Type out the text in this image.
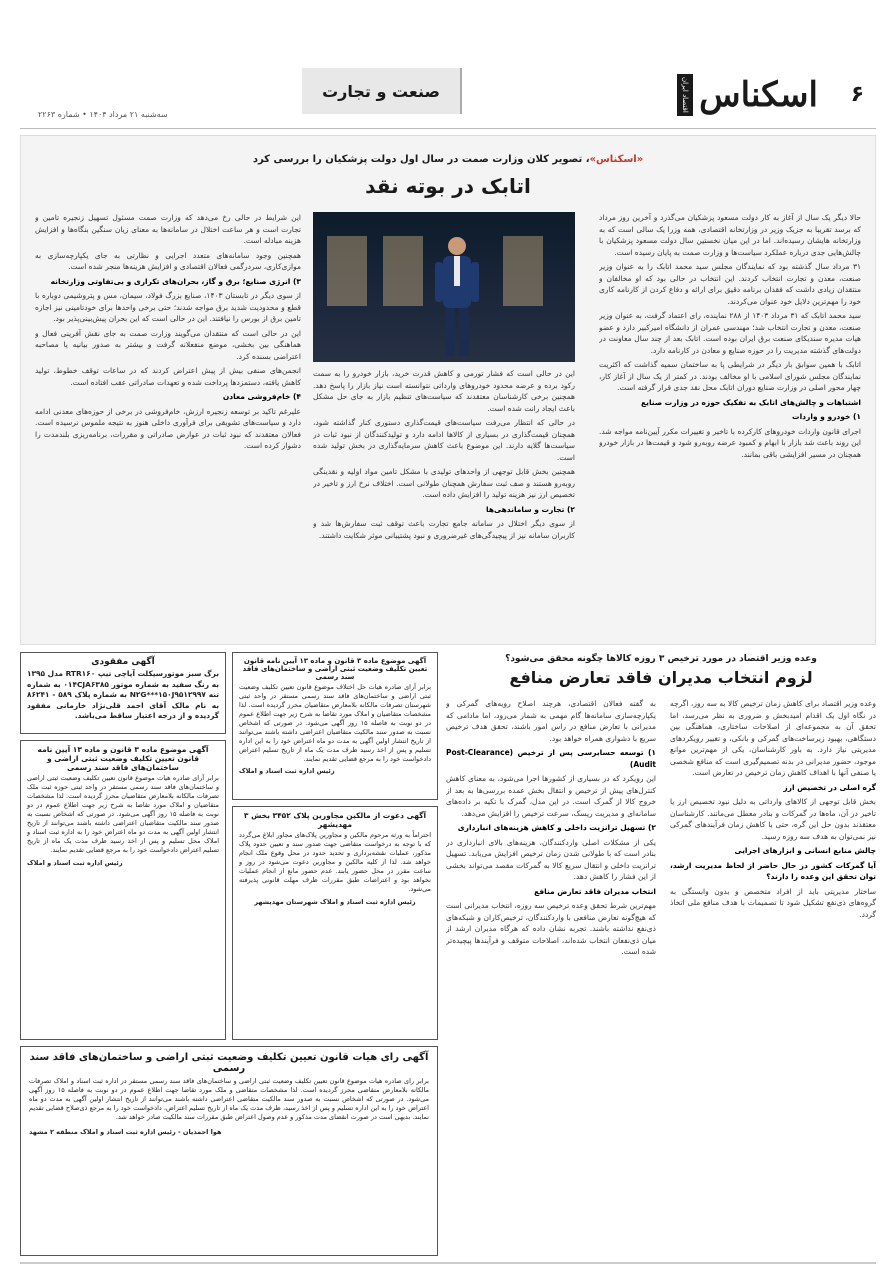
۶
اسکناس
اقتصاد ایران
صنعت و تجارت
سه‌شنبه ۲۱ مرداد ۱۴۰۴ • شماره ۲۲۶۳
«اسکناس»، تصویر کلان وزارت صمت در سال اول دولت پزشکیان را بررسی کرد
اتابک در بوته نقد

حالا دیگر یک سال از آغاز به کار دولت مسعود پزشکیان می‌گذرد و آخرین روز مرداد که برسد تقریبا به جزیک وزیر در وزارتخانه اقتصادی، همه وزرا یک سالی است که به وزارتخانه هایشان رسیده‌اند. اما در این میان نخستین سال دولت مسعود پزشکیان با چالش‌هایی جدی درباره عملکرد سیاست‌ها و وزارت صمت به پایان رسیده است.

۳۱ مرداد سال گذشته بود که نمایندگان مجلس سید محمد اتابک را به عنوان وزیر صنعت، معدن و تجارت انتخاب کردند. این انتخاب در حالی بود که او مخالفان و منتقدان زیادی داشت که فقدان برنامه دقیق برای ارائه و دفاع کردن از کارنامه کاری خود را مهم‌ترین دلایل خود عنوان می‌کردند.

سید محمد اتابک که ۳۱ مرداد ۱۴۰۳ از ۲۸۸ نماینده، رای اعتماد گرفت، به ‌عنوان وزیر صنعت، معدن و تجارت انتخاب شد؛ مهندسی عمران از دانشگاه امیرکبیر دارد و عضو هیات مدیره سندیکای صنعت برق ایران بوده است. اتابک بعد از چند سال معاونت در دولت‌های گذشته مدیریت را در حوزه صنایع و معادن در کارنامه دارد.

اتابک با همین سوابق بار دیگر در شرایطی پا به ساختمان سمیه گذاشت که اکثریت نمایندگان مجلس شورای اسلامی با او مخالف بودند. در کمتر از یک سال از آغاز کار، چهار محور اصلی در وزارت صنایع دوران اتابک محل نقد جدی قرار گرفته است.

اشتباهات و چالش‌های اتابک به تفکیک حوزه در وزارت صنایع

۱) خودرو و واردات

اجرای قانون واردات خودروهای کارکرده با تاخیر و تغییرات مکرر آیین‌نامه مواجه شد. این روند باعث شد بازار با ابهام و کمبود عرضه روبه‌رو شود و قیمت‌ها در بازار خودرو همچنان در مسیر افزایشی باقی بمانند.

این در حالی است که فشار تورمی و کاهش قدرت خرید، بازار خودرو را به سمت رکود برده و عرضه محدود خودروهای وارداتی نتوانسته است نیاز بازار را پاسخ دهد. همچنین برخی کارشناسان معتقدند که سیاست‌های تنظیم بازار به جای حل مشکل باعث ایجاد رانت شده است.

در حالی که انتظار می‌رفت سیاست‌های قیمت‌گذاری دستوری کنار گذاشته شود، همچنان قیمت‌گذاری در بسیاری از کالاها ادامه دارد و تولیدکنندگان از نبود ثبات در سیاست‌ها گلایه دارند. این موضوع باعث کاهش سرمایه‌گذاری در بخش تولید شده است.

همچنین بخش قابل توجهی از واحدهای تولیدی با مشکل تامین مواد اولیه و نقدینگی روبه‌رو هستند و صف ثبت سفارش همچنان طولانی است. اختلاف نرخ ارز و تاخیر در تخصیص ارز نیز هزینه تولید را افزایش داده است.

۲) تجارت و ساماندهی‌ها

از سوی دیگر اختلال در سامانه جامع تجارت باعث توقف ثبت سفارش‌ها شد و کاربران سامانه نیز از پیچیدگی‌های غیرضروری و نبود پشتیبانی موثر شکایت داشتند.

این شرایط در حالی رخ می‌دهد که وزارت صمت مسئول تسهیل زنجیره تامین و تجارت است و هر ساعت اختلال در سامانه‌ها به معنای زیان سنگین بنگاه‌ها و افزایش هزینه مبادله است.

همچنین وجود سامانه‌های متعدد اجرایی و نظارتی به جای یکپارچه‌سازی به موازی‌کاری، سردرگمی فعالان اقتصادی و افزایش هزینه‌ها منجر شده است.

۳) انرژی صنایع؛ برق و گاز، بحران‌های تکراری و بی‌تفاوتی وزارتخانه

از سوی دیگر در تابستان ۱۴۰۳، صنایع بزرگ فولاد، سیمان، مس و پتروشیمی دوباره با قطع و محدودیت شدید برق مواجه شدند؛ حتی برخی واحدها برای خودتامینی نیز اجازه تامین برق از بورس را نیافتند. این در حالی است که این بحران پیش‌بینی‌پذیر بود.

این در حالی است که منتقدان می‌گویند وزارت صمت به جای نقش آفرینی فعال و هماهنگی بین بخشی، موضع منفعلانه گرفت و بیشتر به صدور بیانیه یا مصاحبه اعتراضی بسنده کرد.

انجمن‌های صنفی بیش از پیش اعتراض کردند که در ساعات توقف خطوط، تولید کاهش یافته، دستمزدها پرداخت شده و تعهدات صادراتی عقب افتاده است.

۴) خام‌فروشی معادن

علیرغم تاکید بر توسعه زنجیره ارزش، خام‌فروشی در برخی از حوزه‌های معدنی ادامه دارد و سیاست‌های تشویقی برای فرآوری داخلی هنوز به نتیجه ملموس نرسیده است. فعالان معتقدند که نبود ثبات در عوارض صادراتی و مقررات، برنامه‌ریزی بلندمدت را دشوار کرده است.

آگهی مفقودی
برگ سبز موتورسیکلت آپاچی تیپ RTR۱۶۰ مدل ۱۳۹۵ به رنگ سفید به شماره موتور ۰۱۴CJA۶۳۸۵ به شماره تنه N۲G***۱۵۰J۹۵۱۲۹۹۷ به شماره پلاک ۵۸۹ - ۸۶۲۴۱ به نام مالک آقای احمد قلی‌نژاد خارمانی مفقود گردیده و از درجه اعتبار ساقط می‌باشد.
آگهی موضوع ماده ۳ قانون و ماده ۱۳ آیین نامه قانون تعیین تکلیف وضعیت ثبتی اراضی و ساختمان‌های فاقد سند رسمی
برابر آرای صادره هیات موضوع قانون تعیین تکلیف وضعیت ثبتی اراضی و ساختمان‌های فاقد سند رسمی مستقر در واحد ثبتی حوزه ثبت ملک تصرفات مالکانه بلامعارض متقاضیان محرز گردیده است. لذا مشخصات متقاضیان و املاک مورد تقاضا به شرح زیر جهت اطلاع عموم در دو نوبت به فاصله ۱۵ روز آگهی می‌شود. در صورتی که اشخاص نسبت به صدور سند مالکیت متقاضیان اعتراضی داشته باشند می‌توانند از تاریخ انتشار اولین آگهی به مدت دو ماه اعتراض خود را به اداره ثبت اسناد و املاک محل تسلیم و پس از اخذ رسید ظرف مدت یک ماه از تاریخ تسلیم اعتراض دادخواست خود را به مرجع قضایی تقدیم نمایند.
رئیس اداره ثبت اسناد و املاک
آگهی موضوع ماده ۳ قانون و ماده ۱۳ آیین نامه قانون تعیین تکلیف وضعیت ثبتی اراضی و ساختمان‌های فاقد سند رسمی
برابر آرای صادره هیات حل اختلاف موضوع قانون تعیین تکلیف وضعیت ثبتی اراضی و ساختمان‌های فاقد سند رسمی مستقر در واحد ثبتی شهرستان تصرفات مالکانه بلامعارض متقاضیان محرز گردیده است. لذا مشخصات متقاضیان و املاک مورد تقاضا به شرح زیر جهت اطلاع عموم در دو نوبت به فاصله ۱۵ روز آگهی می‌شود. در صورتی که اشخاص نسبت به صدور سند مالکیت متقاضیان اعتراضی داشته باشند می‌توانند از تاریخ انتشار اولین آگهی به مدت دو ماه اعتراض خود را به این اداره تسلیم و پس از اخذ رسید ظرف مدت یک ماه از تاریخ تسلیم اعتراض دادخواست خود را به مرجع قضایی تقدیم نمایند.
رئیس اداره ثبت اسناد و املاک
آگهی دعوت از مالکین مجاورین پلاک ۳۴۵۲ بخش ۳ مهدیشهر
احتراماً به ورثه مرحوم مالکین و مجاورین پلاک‌های مجاور ابلاغ می‌گردد که با توجه به درخواست متقاضی جهت صدور سند و تعیین حدود پلاک مذکور، عملیات نقشه‌برداری و تحدید حدود در محل وقوع ملک انجام خواهد شد. لذا از کلیه مالکین و مجاورین دعوت می‌شود در روز و ساعت مقرر در محل حضور یابند. عدم حضور مانع از انجام عملیات نخواهد بود و اعتراضات طبق مقررات ظرف مهلت قانونی پذیرفته می‌شود.
رئیس اداره ثبت اسناد و املاک شهرستان مهدیشهر
آگهی رای هیات قانون تعیین تکلیف وضعیت ثبتی اراضی و ساختمان‌های فاقد سند رسمی
برابر رای صادره هیات موضوع قانون تعیین تکلیف وضعیت ثبتی اراضی و ساختمان‌های فاقد سند رسمی مستقر در اداره ثبت اسناد و املاک تصرفات مالکانه بلامعارض متقاضی محرز گردیده است. لذا مشخصات متقاضی و ملک مورد تقاضا جهت اطلاع عموم در دو نوبت به فاصله ۱۵ روز آگهی می‌شود. در صورتی که اشخاص نسبت به صدور سند مالکیت متقاضی اعتراضی داشته باشند می‌توانند از تاریخ انتشار اولین آگهی به مدت دو ماه اعتراض خود را به این اداره تسلیم و پس از اخذ رسید، ظرف مدت یک ماه از تاریخ تسلیم اعتراض، دادخواست خود را به مرجع ذی‌صلاح قضایی تقدیم نمایند. بدیهی است در صورت انقضای مدت مذکور و عدم وصول اعتراض طبق مقررات سند مالکیت صادر خواهد شد.
هوا احمدیان - رئیس اداره ثبت اسناد و املاک منطقه ۲ مشهد
وعده وزیر اقتصاد در مورد ترخیص ۳ روزه کالاها چگونه محقق می‌شود؟
لزوم انتخاب مدیران فاقد تعارض منافع

وعده وزیر اقتصاد برای کاهش زمان ترخیص کالا به سه روز، اگرچه در نگاه اول یک اقدام امیدبخش و ضروری به نظر می‌رسد، اما تحقق آن به مجموعه‌ای از اصلاحات ساختاری، هماهنگی بین دستگاهی، بهبود زیرساخت‌های گمرکی و بانکی، و تغییر رویکردهای مدیریتی نیاز دارد. به باور کارشناسان، یکی از مهم‌ترین موانع موجود، حضور مدیرانی در بدنه تصمیم‌گیری است که منافع شخصی یا صنفی آنها با اهداف کاهش زمان ترخیص در تعارض است.

گره اصلی در تخصیص ارز

بخش قابل توجهی از کالاهای وارداتی به دلیل نبود تخصیص ارز یا تاخیر در آن، ماه‌ها در گمرکات و بنادر معطل می‌مانند. کارشناسان معتقدند بدون حل این گره، حتی با کاهش زمان فرآیندهای گمرکی نیز نمی‌توان به هدف سه روزه رسید.

چالش منابع انسانی و ابزارهای اجرایی

آیا گمرکات کشور در حال حاضر از لحاظ مدیریت ارشد، توان تحقق این وعده را دارند؟

ساختار مدیریتی باید از افراد متخصص و بدون وابستگی به گروه‌های ذی‌نفع تشکیل شود تا تصمیمات با هدف منافع ملی اتخاذ گردد.

به گفته فعالان اقتصادی، هرچند اصلاح رویه‌های گمرکی و یکپارچه‌سازی سامانه‌ها گام مهمی به شمار می‌رود، اما مادامی که مدیرانی با تعارض منافع در راس امور باشند، تحقق هدف ترخیص سریع با دشواری همراه خواهد بود.

۱) توسعه حسابرسی پس از ترخیص (Post-Clearance Audit)

این رویکرد که در بسیاری از کشورها اجرا می‌شود، به معنای کاهش کنترل‌های پیش از ترخیص و انتقال بخش عمده بررسی‌ها به بعد از خروج کالا از گمرک است. در این مدل، گمرک با تکیه بر داده‌های سامانه‌ای و مدیریت ریسک، سرعت ترخیص را افزایش می‌دهد.

۲) تسهیل ترانزیت داخلی و کاهش هزینه‌های انبارداری

یکی از مشکلات اصلی واردکنندگان، هزینه‌های بالای انبارداری در بنادر است که با طولانی شدن زمان ترخیص افزایش می‌یابد. تسهیل ترانزیت داخلی و انتقال سریع کالا به گمرکات مقصد می‌تواند بخشی از این فشار را کاهش دهد.

انتخاب مدیران فاقد تعارض منافع

مهم‌ترین شرط تحقق وعده ترخیص سه روزه، انتخاب مدیرانی است که هیچ‌گونه تعارض منافعی با واردکنندگان، ترخیص‌کاران و شبکه‌های ذی‌نفع نداشته باشند. تجربه نشان داده که هرگاه مدیران ارشد از میان ذی‌نفعان انتخاب شده‌اند، اصلاحات متوقف و فرآیندها پیچیده‌تر شده است.
